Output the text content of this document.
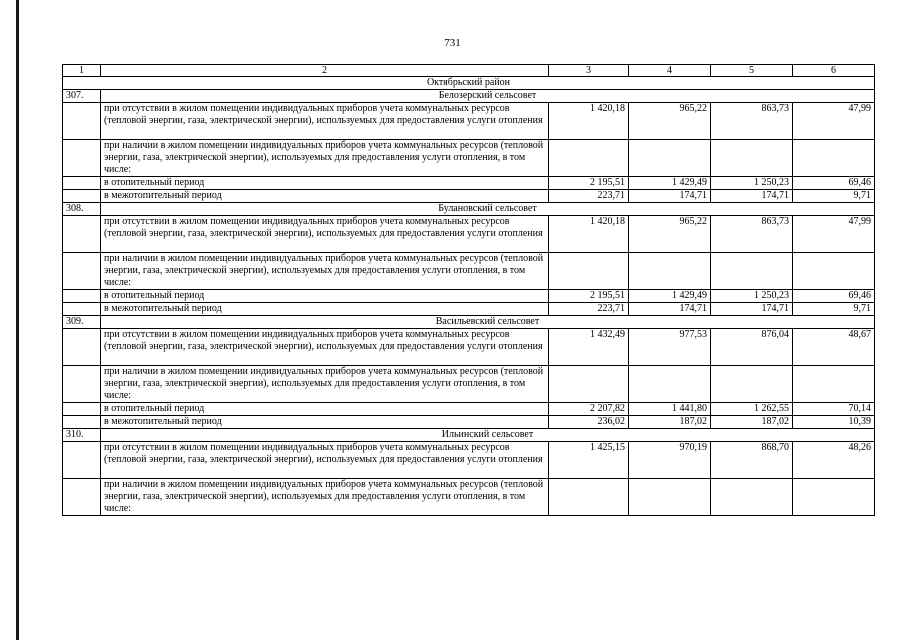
731
1	2	3	4	5	6
Октябрьский район					
307.	Белозерский сельсовет				
	при отсутствии в жилом помещении индивидуальных приборов учета коммунальных ресурсов (тепловой энергии, газа, электрической энергии), используемых для предоставления услуги отопления	1 420,18	965,22	863,73	47,99
	при наличии в жилом помещении индивидуальных приборов учета коммунальных ресурсов (тепловой энергии, газа, электрической энергии), используемых для предоставления услуги отопления, в том числе:				
	в отопительный период	2 195,51	1 429,49	1 250,23	69,46
	в межотопительный период	223,71	174,71	174,71	9,71
308.	Булановский сельсовет				
	при отсутствии в жилом помещении индивидуальных приборов учета коммунальных ресурсов (тепловой энергии, газа, электрической энергии), используемых для предоставления услуги отопления	1 420,18	965,22	863,73	47,99
	при наличии в жилом помещении индивидуальных приборов учета коммунальных ресурсов (тепловой энергии, газа, электрической энергии), используемых для предоставления услуги отопления, в том числе:				
	в отопительный период	2 195,51	1 429,49	1 250,23	69,46
	в межотопительный период	223,71	174,71	174,71	9,71
309.	Васильевский сельсовет				
	при отсутствии в жилом помещении индивидуальных приборов учета коммунальных ресурсов (тепловой энергии, газа, электрической энергии), используемых для предоставления услуги отопления	1 432,49	977,53	876,04	48,67
	при наличии в жилом помещении индивидуальных приборов учета коммунальных ресурсов (тепловой энергии, газа, электрической энергии), используемых для предоставления услуги отопления, в том числе:				
	в отопительный период	2 207,82	1 441,80	1 262,55	70,14
	в межотопительный период	236,02	187,02	187,02	10,39
310.	Ильинский сельсовет				
	при отсутствии в жилом помещении индивидуальных приборов учета коммунальных ресурсов (тепловой энергии, газа, электрической энергии), используемых для предоставления услуги отопления	1 425,15	970,19	868,70	48,26
	при наличии в жилом помещении индивидуальных приборов учета коммунальных ресурсов (тепловой энергии, газа, электрической энергии), используемых для предоставления услуги отопления, в том числе:				
